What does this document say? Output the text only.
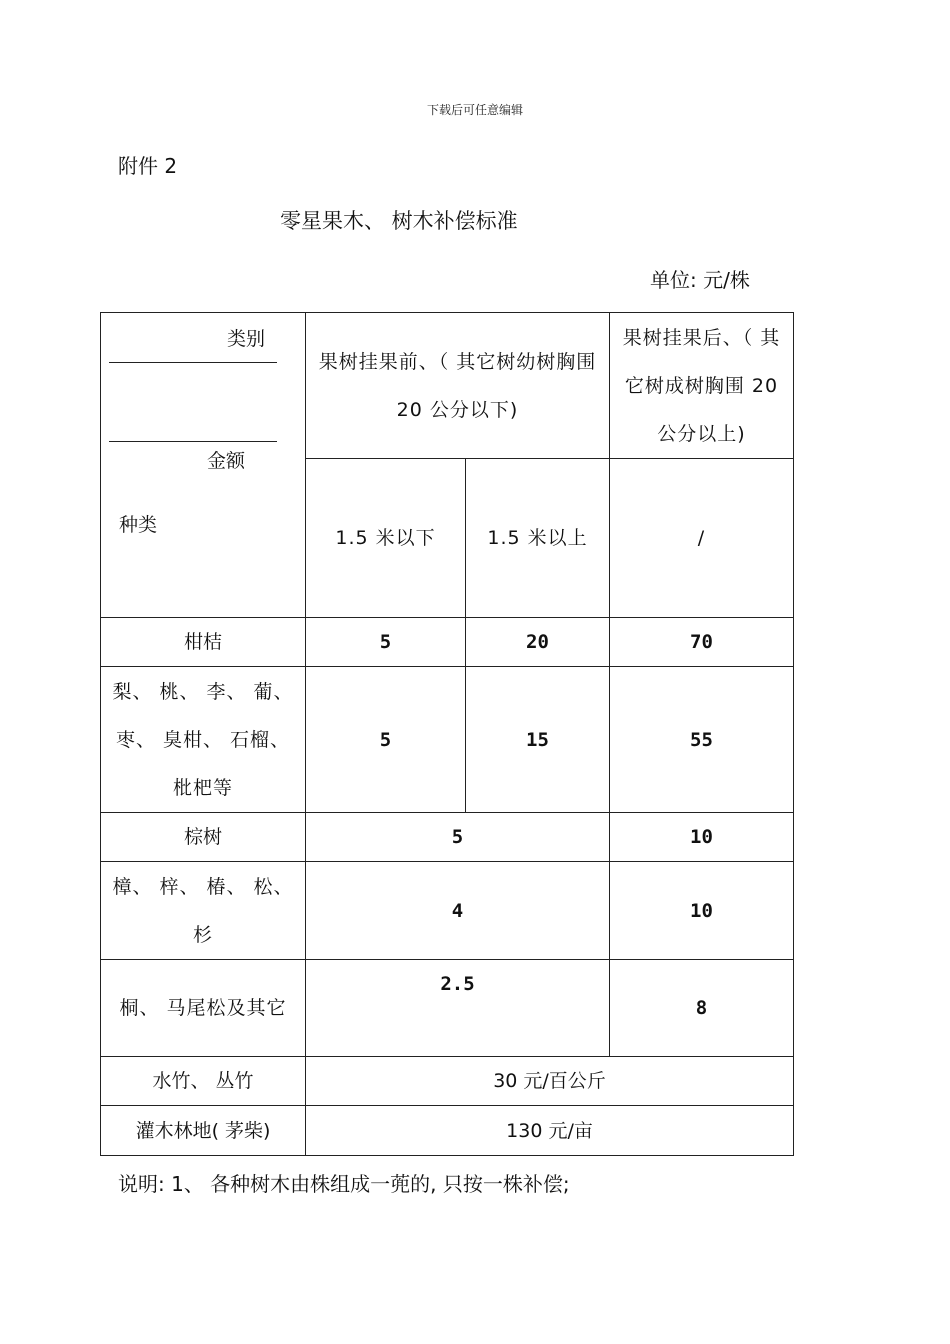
下载后可任意编辑
附件 2
零星果木、 树木补偿标准
单位: 元/株
类别
金额
种类	果树挂果前、（ 其它树幼树胸围 20 公分以下)		果树挂果后、（ 其它树成树胸围 20 公分以上)
	1.5 米以下	1.5 米以上	/
柑桔	5	20	70
梨、 桃、 李、 葡、 枣、 臭柑、 石榴、 枇杷等	5	15	55
棕树	5		10
樟、 梓、 椿、 松、 杉	4		10
桐、 马尾松及其它	2.5		8
水竹、 丛竹	30 元/百公斤		
灌木林地( 茅柴)	130 元/亩		
说明: 1、 各种树木由株组成一蔸的, 只按一株补偿;
